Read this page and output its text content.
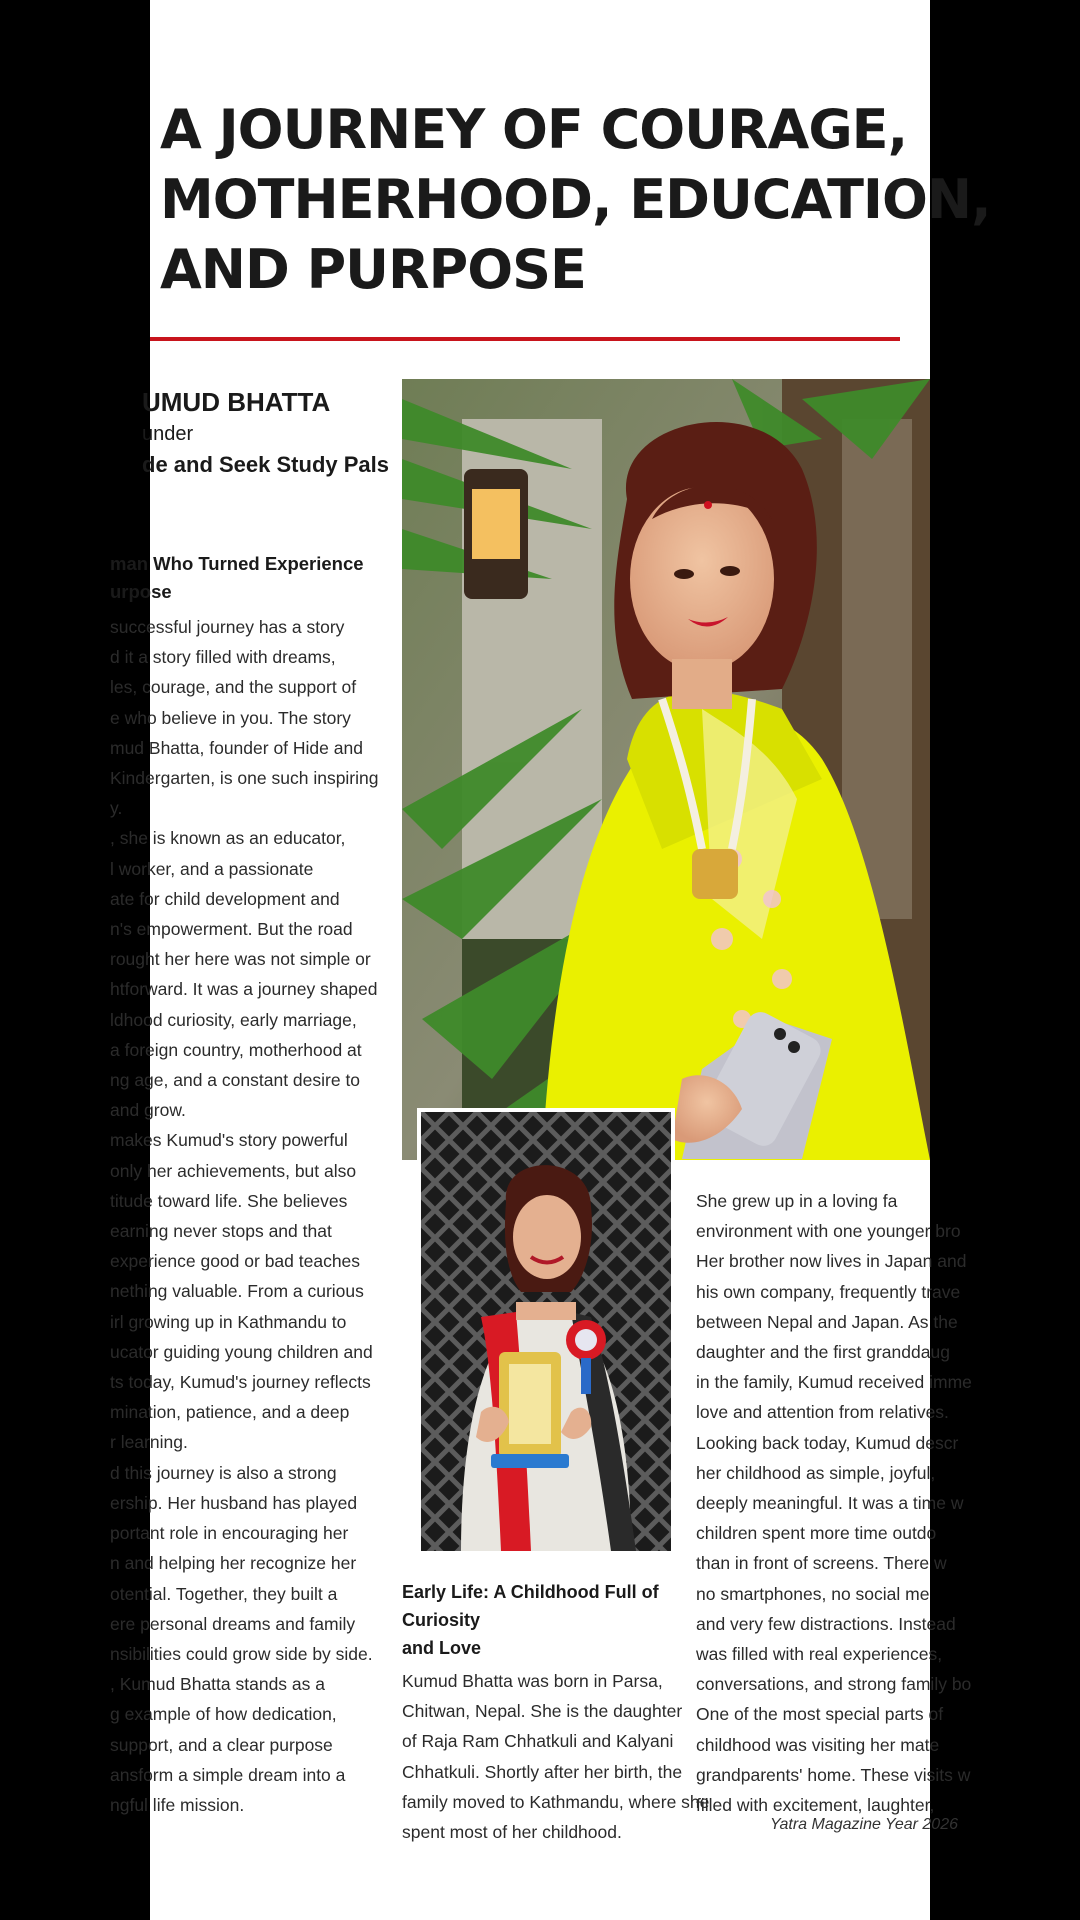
A JOURNEY OF COURAGE,
MOTHERHOOD, EDUCATION,
AND PURPOSE
UMUD BHATTA
under
de and Seek Study Pals
man Who Turned Experience
urpose
successful journey has a story
d it a story filled with dreams,
les, courage, and the support of
e who believe in you. The story
mud Bhatta, founder of Hide and
Kindergarten, is one such inspiring
y.
, she is known as an educator,
l worker, and a passionate
ate for child development and
n's empowerment. But the road
rought her here was not simple or
htforward. It was a journey shaped
ldhood curiosity, early marriage,
a foreign country, motherhood at
ng age, and a constant desire to
and grow.
makes Kumud's story powerful
only her achievements, but also
titude toward life. She believes
earning never stops and that
experience good or bad teaches
nething valuable. From a curious
irl growing up in Kathmandu to
ucator guiding young children and
ts today, Kumud's journey reflects
mination, patience, and a deep
r learning.
d this journey is also a strong
ership. Her husband has played
portant role in encouraging her
n and helping her recognize her
otential. Together, they built a
ere personal dreams and family
nsibilities could grow side by side.
, Kumud Bhatta stands as a
g example of how dedication,
support, and a clear purpose
ansform a simple dream into a
ngful life mission.
Early Life: A Childhood Full of Curiosity
and Love
Kumud Bhatta was born in Parsa,
Chitwan, Nepal. She is the daughter
of Raja Ram Chhatkuli and Kalyani
Chhatkuli. Shortly after her birth, the
family moved to Kathmandu, where she
spent most of her childhood.
She grew up in a loving fa
environment with one younger bro
Her brother now lives in Japan and
his own company, frequently trave
between Nepal and Japan. As the
daughter and the first granddaug
in the family, Kumud received imme
love and attention from relatives.
Looking back today, Kumud descr
her childhood as simple, joyful,
deeply meaningful. It was a time w
children spent more time outdo
than in front of screens. There w
no smartphones, no social me
and very few distractions. Instead
was filled with real experiences,
conversations, and strong family bo
One of the most special parts of
childhood was visiting her mate
grandparents' home. These visits w
filled with excitement, laughter,
Yatra Magazine Year 2026
